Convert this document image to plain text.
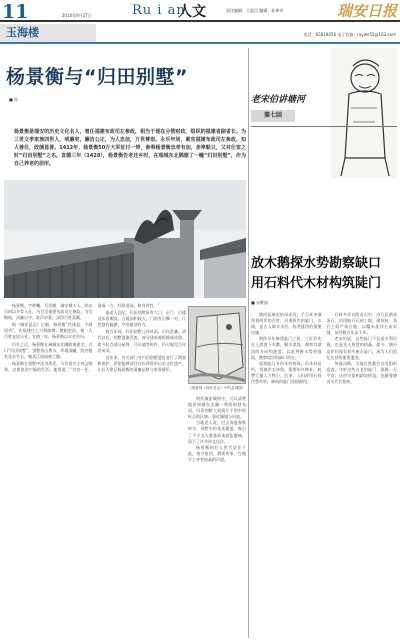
11	2010年9月27日	Ru i an
人文	责任编辑：王盐目 编辑：孙黄亭	瑞安日报
玉海楼	电话：65818056 电子信箱：raywe55@163.com
杨景衡与“归田别墅”
■ 孙
杨景衡是瑞安的历史文化名人，曾任福建布政司左参政，相当于现在分管财政、组织的福建省副省长。为三世文孝家族四世人，明廉吏，廉洁公正，为人忠信，万世尊崇。永乐年间，累官福建布政司左参政，知人善任，政绩显著。1412年，杨景衡50万大军征讨一带，参奉杨景衡忠孝有加，亲率船只，又对仕宦之时“归田别墅”之名。宣德三年（1428），杨景衡告老还乡时，在瑞城东北隅建了一幢“归田别墅”，作为自己养老的居所。

杨景衡，字仲曦，号坦庵，瑞安城关人。明永乐间以乡荐入仕，历官至福建布政司左参政。为官期间，清廉自守，政声卓著，深得百姓爱戴。

据《瑞安县志》记载，杨景衡“性刚直，不阿权贵”，在福建任上兴利除弊，整顿吏治，使一方百姓安居乐业。宣德三年，杨景衡以年老告归。

归乡之后，杨景衡在瑞城东北隅购地建宅，名曰“归田别墅”。别墅依山傍水，环境清幽，院内植有花木竹石，颇具江南园林之趣。

杨景衡在别墅中读书著述，与乡贤名士诗文唱和，过着淡泊宁静的生活。他常说：“为官一任，造福一方；归隐田园，修身养性。”

据老人回忆，归田别墅原有大门、正厅、后楼及东西厢房，占地面积较大。门前有石狮一对，厅堂悬有匾额，字迹遒劲有力。

数百年间，归田别墅几经风雨，历经沧桑。清代以后，别墅逐渐荒废，部分建筑被拆除或改建。如今仅存部分屋脊、马头墙等构件，仍可窥见当年的风采。

近年来，有关部门对归田别墅遗址进行了调查和保护，希望能够留住这份珍贵的历史文化遗产，让后人铭记杨景衡的清廉品格与家国情怀。

（明嘉靖《瑞安县志》中的县城图）

明代瑞安城图中，可以清楚地看到城东北隅一带的街巷布局。归田别墅大致就位于图中所标示的区域，靠近城墙与河道。

当地老人说，过去每逢春秋时节，别墅中的花木繁盛，吸引了不少文人墨客前来游览题咏，留下了许多诗文佳作。

杨景衡的后人世代居住于此，恪守祖训，耕读传家，在地方上享有较高的声望。

老宋伯讲塘河
第七回
放木鹅探水势勘察缺口 用石料代木材构筑陡门
■ 宋维加

塘河是瑞安的母亲河，千百年来滋养着两岸的百姓。河道两岸的陡门、水闸，是古人调节水位、防洪排涝的重要设施。

相传早年修建陡门之时，工匠们先在上游放下木鹅，顺水漂流，观察其漂流的方向和速度，以此判断水势的强弱，勘察堤岸的缺口所在。

起初陡门多用木材构筑，但木材易朽，常被洪水冲毁，需要年年修补，耗费大量人力物力。后来，人们改用石料代替木材，修筑的陡门坚固耐用。

石料多采自附近山中，由石匠凿成条石，再用船只运到工地。砌筑时，条石之间严丝合缝，以糯米浆拌石灰勾缝，历经数百年而不坏。

老宋伯说，这些陡门不仅是水利设施，也是先人智慧的结晶。如今，塘河沿岸仍保存着多座古陡门，成为人们追忆往昔的重要遗迹。

每逢汛期，当地百姓都会自发组织巡查，守护这些古老的陡门，保障一方平安。这份守望相助的情谊，也随着塘河水代代相传。
